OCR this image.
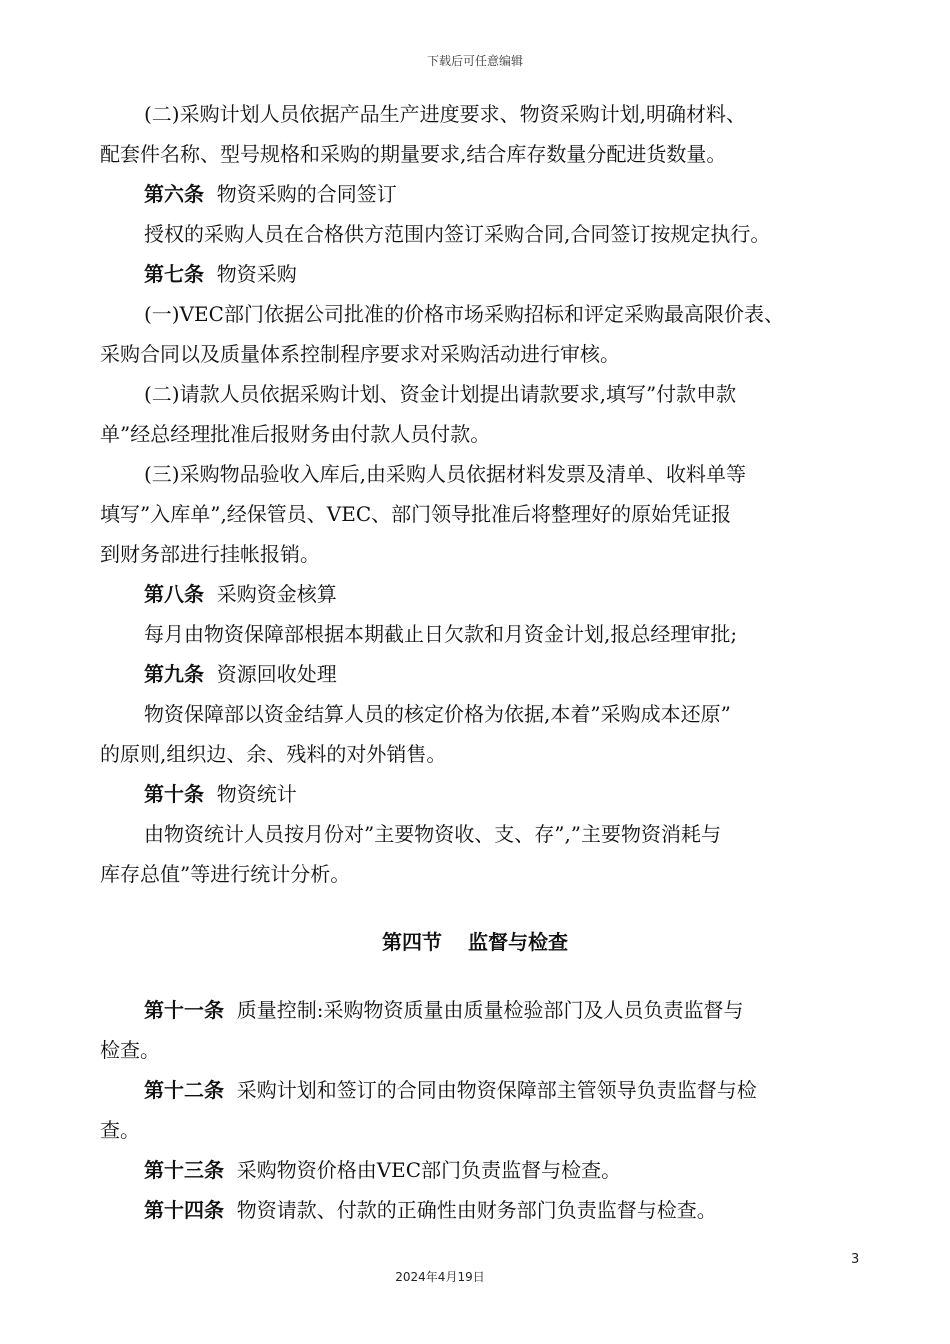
下载后可任意编辑
(二)采购计划人员依据产品生产进度要求、物资采购计划,明确材料、
配套件名称、型号规格和采购的期量要求,结合库存数量分配进货数量。
第六条 物资采购的合同签订
授权的采购人员在合格供方范围内签订采购合同,合同签订按规定执行。
第七条 物资采购
(一)VEC部门依据公司批准的价格市场采购招标和评定采购最高限价表、
采购合同以及质量体系控制程序要求对采购活动进行审核。
(二)请款人员依据采购计划、资金计划提出请款要求,填写”付款申款
单”经总经理批准后报财务由付款人员付款。
(三)采购物品验收入库后,由采购人员依据材料发票及清单、收料单等
填写”入库单”,经保管员、VEC、部门领导批准后将整理好的原始凭证报
到财务部进行挂帐报销。
第八条 采购资金核算
每月由物资保障部根据本期截止日欠款和月资金计划,报总经理审批;
第九条 资源回收处理
物资保障部以资金结算人员的核定价格为依据,本着”采购成本还原”
的原则,组织边、余、残料的对外销售。
第十条 物资统计
由物资统计人员按月份对”主要物资收、支、存”,”主要物资消耗与
库存总值”等进行统计分析。
第四节 监督与检查
第十一条 质量控制:采购物资质量由质量检验部门及人员负责监督与
检查。
第十二条 采购计划和签订的合同由物资保障部主管领导负责监督与检
查。
第十三条 采购物资价格由VEC部门负责监督与检查。
第十四条 物资请款、付款的正确性由财务部门负责监督与检查。
3
2024年4月19日
